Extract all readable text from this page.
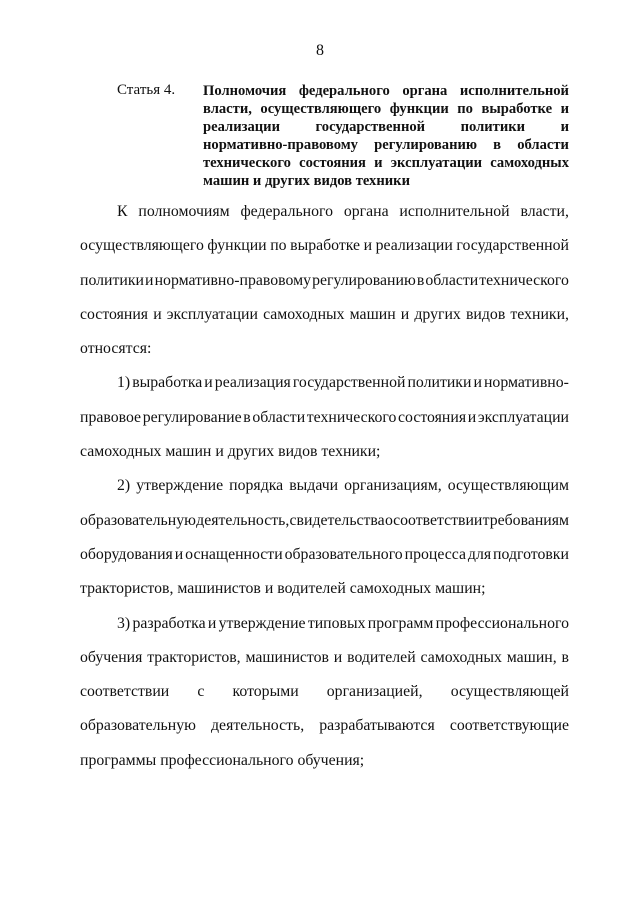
8
Статья 4. Полномочия федерального органа исполнительной
власти, осуществляющего функции по выработке и
реализации государственной политики и
нормативно-правовому регулированию в области
технического состояния и эксплуатации самоходных
машин и других видов техники
К полномочиям федерального органа исполнительной власти,
осуществляющего функции по выработке и реализации государственной
политики и нормативно-правовому регулированию в области технического
состояния и эксплуатации самоходных машин и других видов техники,
относятся:
1) выработка и реализация государственной политики и нормативно-
правовое регулирование в области технического состояния и эксплуатации
самоходных машин и других видов техники;
2) утверждение порядка выдачи организациям, осуществляющим
образовательную деятельность, свидетельства о соответствии требованиям
оборудования и оснащенности образовательного процесса для подготовки
трактористов, машинистов и водителей самоходных машин;
3) разработка и утверждение типовых программ профессионального
обучения трактористов, машинистов и водителей самоходных машин, в
соответствии с которыми организацией, осуществляющей
образовательную деятельность, разрабатываются соответствующие
программы профессионального обучения;
